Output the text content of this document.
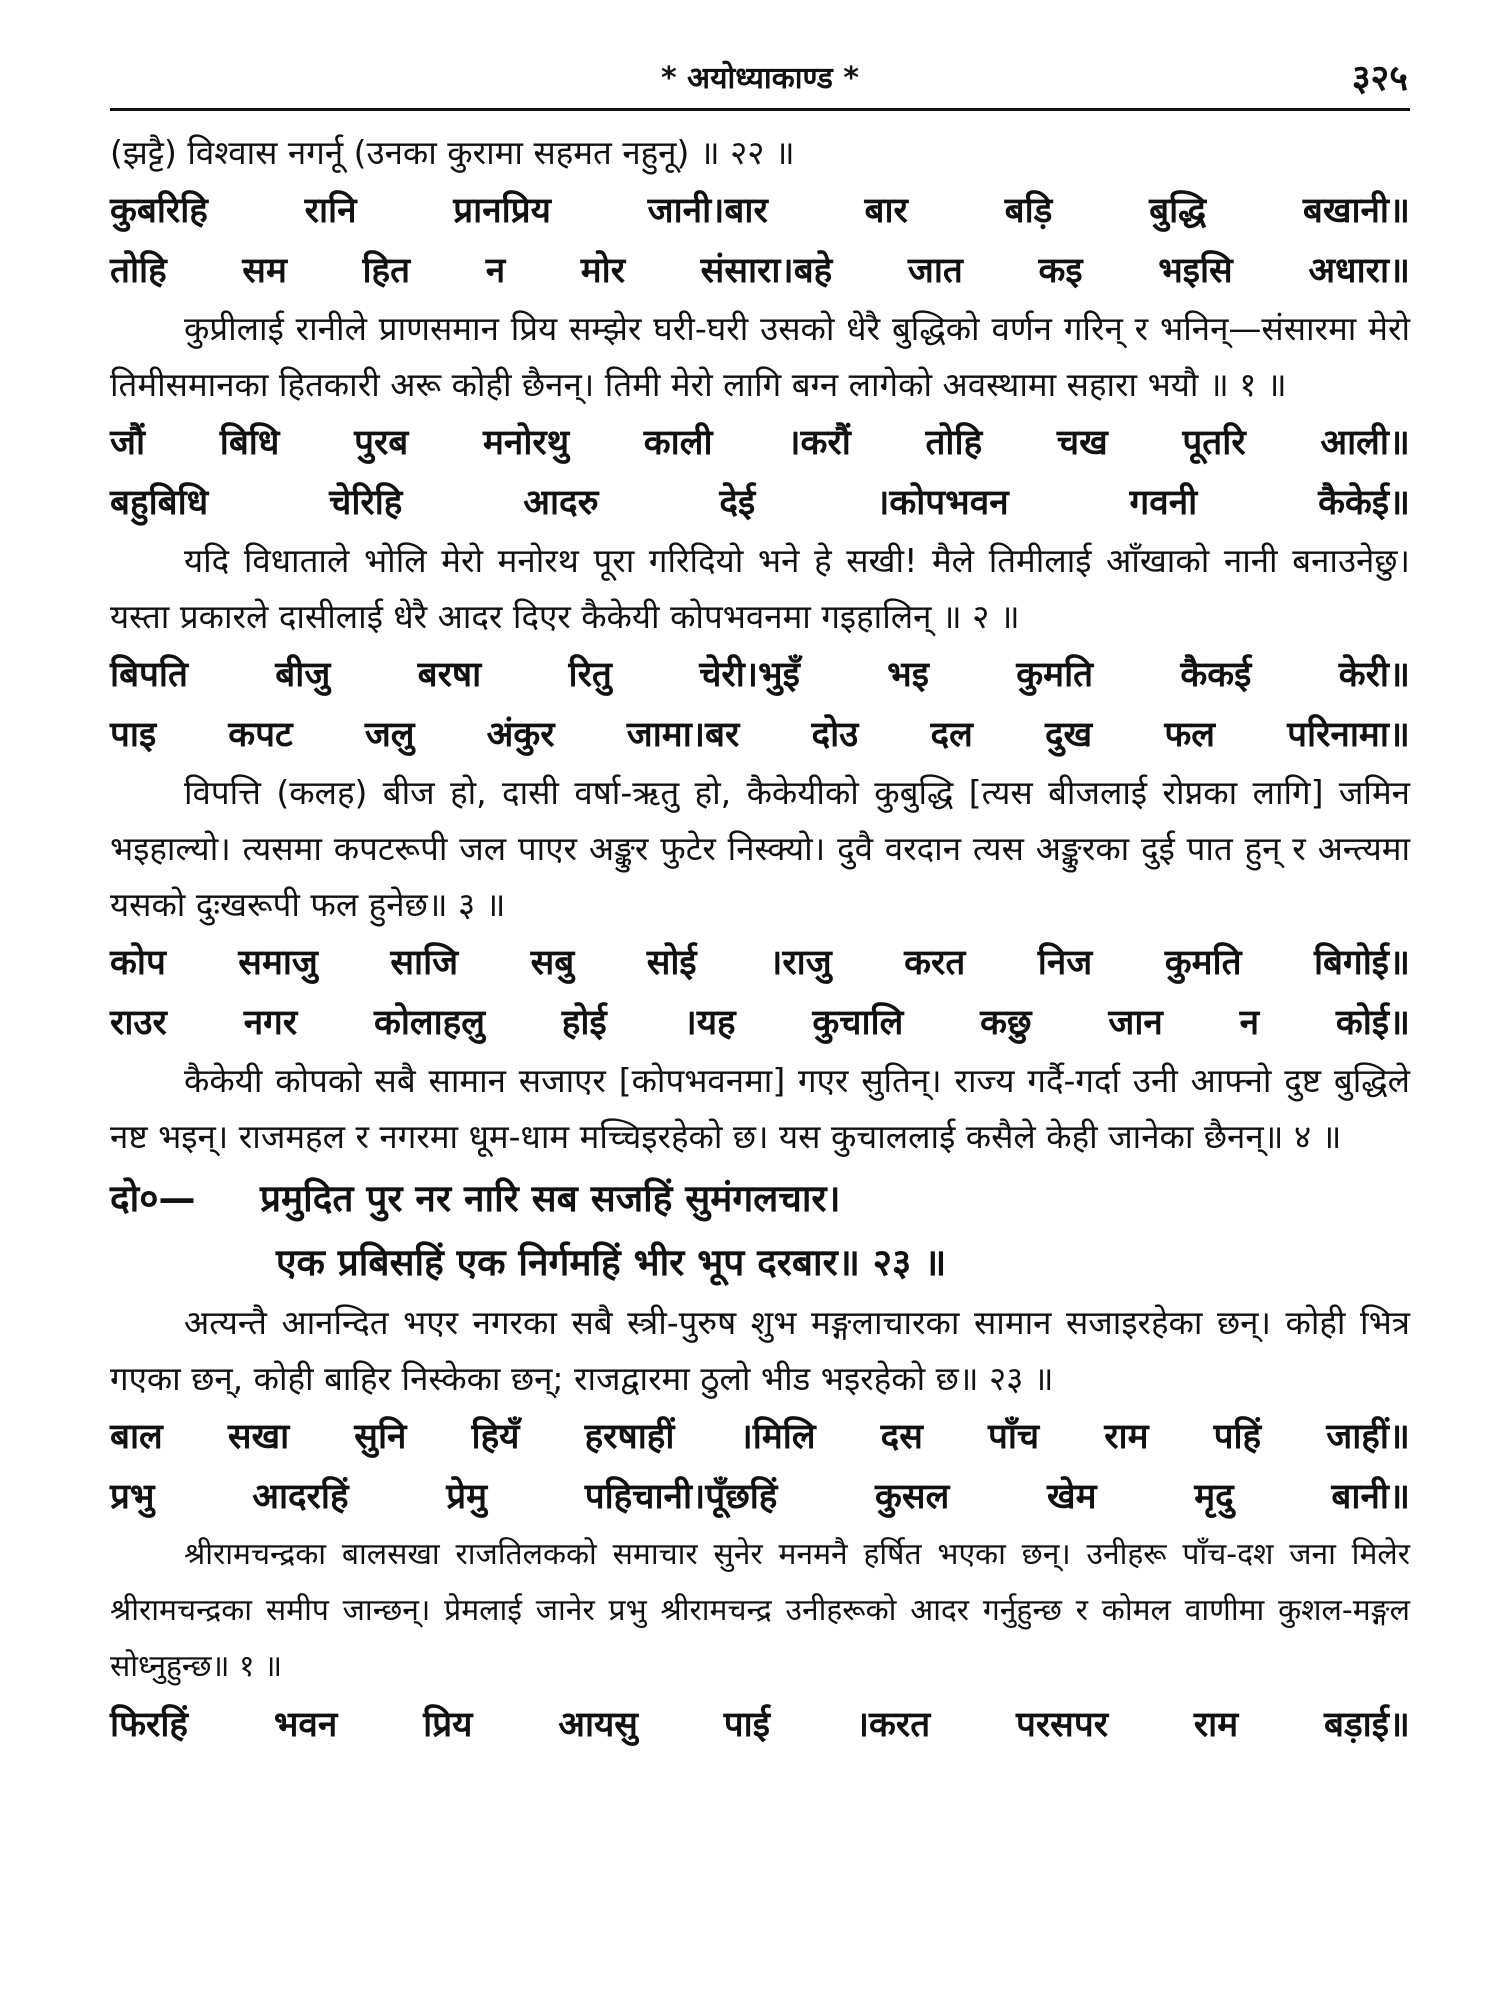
* अयोध्याकाण्ड *	३२५

(झट्टै) विश्वास नगर्नू (उनका कुरामा सहमत नहुनू) ॥ २२ ॥

कुबरिहि	रानि	प्रानप्रिय	जानी।बार	बार	बड़ि	बुद्धि	बखानी॥
तोहि सम हित न मोर संसारा।बहे जात कइ भइसि अधारा॥

कुप्रीलाई रानीले प्राणसमान प्रिय सम्झेर घरी-घरी उसको धेरै बुद्धिको वर्णन गरिन् र भनिन्—संसारमा मेरो तिमीसमानका हितकारी अरू कोही छैनन्। तिमी मेरो लागि बग्न लागेको अवस्थामा सहारा भयौ ॥ १ ॥

जौं बिधि पुरब मनोरथु काली ।करौं तोहि चख पूतरि आली॥
बहुबिधि	चेरिहि	आदरु	देई	।कोपभवन	गवनी	कैकेई॥

यदि विधाताले भोलि मेरो मनोरथ पूरा गरिदियो भने हे सखी! मैले तिमीलाई आँखाको नानी बनाउनेछु। यस्ता प्रकारले दासीलाई धेरै आदर दिएर कैकेयी कोपभवनमा गइहालिन् ॥ २ ॥

बिपति बीजु बरषा रितु चेरी।भुइँ भइ कुमति कैकई केरी॥
पाइ कपट जलु अंकुर जामा।बर दोउ दल दुख फल परिनामा॥

विपत्ति (कलह) बीज हो, दासी वर्षा-ऋतु हो, कैकेयीको कुबुद्धि [त्यस बीजलाई रोप्नका लागि] जमिन भइहाल्यो। त्यसमा कपटरूपी जल पाएर अङ्कुर फुटेर निस्क्यो। दुवै वरदान त्यस अङ्कुरका दुई पात हुन् र अन्त्यमा यसको दुःखरूपी फल हुनेछ॥ ३ ॥

कोप समाजु साजि सबु सोई ।राजु करत निज कुमति बिगोई॥
राउर नगर कोलाहलु होई ।यह कुचालि कछु जान न कोई॥

कैकेयी कोपको सबै सामान सजाएर [कोपभवनमा] गएर सुतिन्। राज्य गर्दै-गर्दा उनी आफ्नो दुष्ट बुद्धिले नष्ट भइन्। राजमहल र नगरमा धूम-धाम मच्चिइरहेको छ। यस कुचाललाई कसैले केही जानेका छैनन्॥ ४ ॥

दो०— प्रमुदित पुर नर नारि सब सजहिं सुमंगलचार।

एक प्रबिसहिं एक निर्गमहिं भीर भूप दरबार॥ २३ ॥

अत्यन्तै आनन्दित भएर नगरका सबै स्त्री-पुरुष शुभ मङ्गलाचारका सामान सजाइरहेका छन्। कोही भित्र गएका छन्, कोही बाहिर निस्केका छन्; राजद्वारमा ठुलो भीड भइरहेको छ॥ २३ ॥

बाल सखा सुनि हियँ हरषाहीं ।मिलि दस पाँच राम पहिं जाहीं॥
प्रभु	आदरहिं	प्रेमु	पहिचानी।पूँछहिं	कुसल	खेम	मृदु	बानी॥

श्रीरामचन्द्रका बालसखा राजतिलकको समाचार सुनेर मनमनै हर्षित भएका छन्। उनीहरू पाँच-दश जना मिलेर श्रीरामचन्द्रका समीप जान्छन्। प्रेमलाई जानेर प्रभु श्रीरामचन्द्र उनीहरूको आदर गर्नुहुन्छ र कोमल वाणीमा कुशल-मङ्गल सोध्नुहुन्छ॥ १ ॥

फिरहिं भवन प्रिय आयसु पाई ।करत परसपर राम बड़ाई॥
